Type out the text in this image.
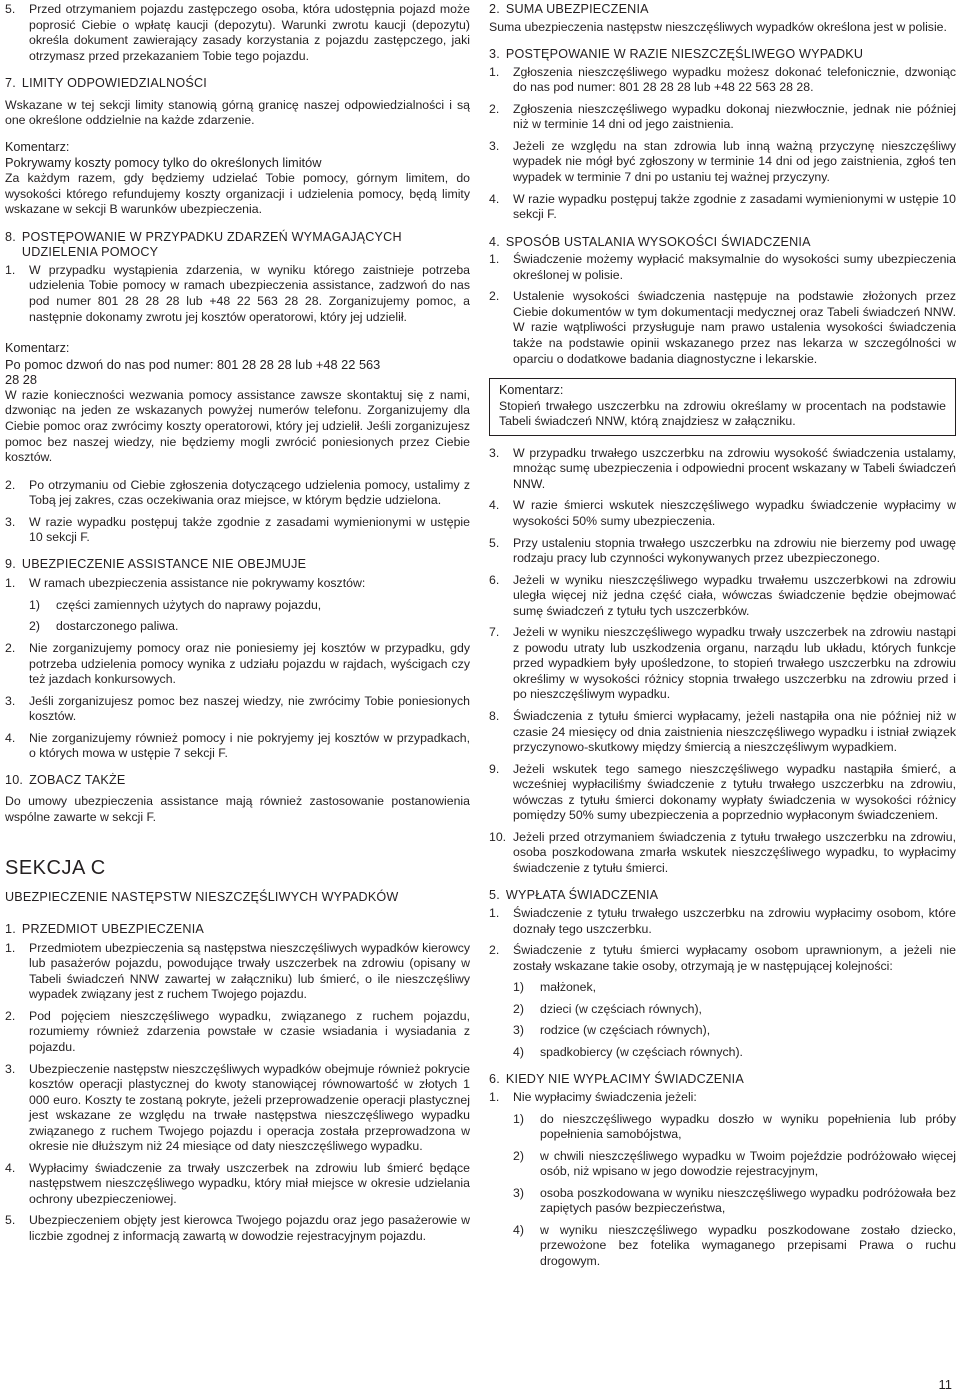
5.	Przed otrzymaniem pojazdu zastępczego osoba, która udostępnia pojazd może poprosić Ciebie o wpłatę kaucji (depozytu). Warunki zwrotu kaucji (depozytu) określa dokument zawierający zasady korzystania z pojazdu zastępczego, jaki otrzymasz przed przekazaniem Tobie tego pojazdu.

7. LIMITY ODPOWIEDZIALNOŚCI

Wskazane w tej sekcji limity stanowią górną granicę naszej odpowiedzialności i są one określone oddzielnie na każde zdarzenie.

Komentarz:

Pokrywamy koszty pomocy tylko do określonych limitów

Za każdym razem, gdy będziemy udzielać Tobie pomocy, górnym limitem, do wysokości którego refundujemy koszty organizacji i udzielenia pomocy, będą limity wskazane w sekcji B warunków ubezpieczenia.

8. POSTĘPOWANIE W PRZYPADKU ZDARZEŃ WYMAGAJĄCYCH UDZIELENIA POMOCY

1.	W przypadku wystąpienia zdarzenia, w wyniku którego zaistnieje potrzeba udzielenia Tobie pomocy w ramach ubezpieczenia assistance, zadzwoń do nas pod numer 801 28 28 28 lub +48 22 563 28 28. Zorganizujemy pomoc, a następnie dokonamy zwrotu jej kosztów operatorowi, który jej udzielił.

Komentarz:

Po pomoc dzwoń do nas pod numer: 801 28 28 28 lub +48 22 563 28 28

W razie konieczności wezwania pomocy assistance zawsze skontaktuj się z nami, dzwoniąc na jeden ze wskazanych powyżej numerów telefonu. Zorganizujemy dla Ciebie pomoc oraz zwrócimy koszty operatorowi, który jej udzielił. Jeśli zorganizujesz pomoc bez naszej wiedzy, nie będziemy mogli zwrócić poniesionych przez Ciebie kosztów.

2.	Po otrzymaniu od Ciebie zgłoszenia dotyczącego udzielenia pomocy, ustalimy z Tobą jej zakres, czas oczekiwania oraz miejsce, w którym będzie udzielona.
3.	W razie wypadku postępuj także zgodnie z zasadami wymienionymi w ustępie 10 sekcji F.

9. UBEZPIECZENIE ASSISTANCE NIE OBEJMUJE

1.	W ramach ubezpieczenia assistance nie pokrywamy kosztów:
1)	części zamiennych użytych do naprawy pojazdu,
2)	dostarczonego paliwa.
2.	Nie zorganizujemy pomocy oraz nie poniesiemy jej kosztów w przypadku, gdy potrzeba udzielenia pomocy wynika z udziału pojazdu w rajdach, wyścigach czy też jazdach konkursowych.
3.	Jeśli zorganizujesz pomoc bez naszej wiedzy, nie zwrócimy Tobie poniesionych kosztów.
4.	Nie zorganizujemy również pomocy i nie pokryjemy jej kosztów w przypadkach, o których mowa w ustępie 7 sekcji F.

10. ZOBACZ TAKŻE

Do umowy ubezpieczenia assistance mają również zastosowanie postanowienia wspólne zawarte w sekcji F.

SEKCJA C

UBEZPIECZENIE NASTĘPSTW NIESZCZĘŚLIWYCH WYPADKÓW

1. PRZEDMIOT UBEZPIECZENIA

1.	Przedmiotem ubezpieczenia są następstwa nieszczęśliwych wypadków kierowcy lub pasażerów pojazdu, powodujące trwały uszczerbek na zdrowiu (opisany w Tabeli świadczeń NNW zawartej w załączniku) lub śmierć, o ile nieszczęśliwy wypadek związany jest z ruchem Twojego pojazdu.
2.	Pod pojęciem nieszczęśliwego wypadku, związanego z ruchem pojazdu, rozumiemy również zdarzenia powstałe w czasie wsiadania i wysiadania z pojazdu.
3.	Ubezpieczenie następstw nieszczęśliwych wypadków obejmuje również pokrycie kosztów operacji plastycznej do kwoty stanowiącej równowartość w złotych 1 000 euro. Koszty te zostaną pokryte, jeżeli przeprowadzenie operacji plastycznej jest wskazane ze względu na trwałe następstwa nieszczęśliwego wypadku związanego z ruchem Twojego pojazdu i operacja została przeprowadzona w okresie nie dłuższym niż 24 miesiące od daty nieszczęśliwego wypadku.
4.	Wypłacimy świadczenie za trwały uszczerbek na zdrowiu lub śmierć będące następstwem nieszczęśliwego wypadku, który miał miejsce w okresie udzielania ochrony ubezpieczeniowej.
5.	Ubezpieczeniem objęty jest kierowca Twojego pojazdu oraz jego pasażerowie w liczbie zgodnej z informacją zawartą w dowodzie rejestracyjnym pojazdu.

2. SUMA UBEZPIECZENIA

Suma ubezpieczenia następstw nieszczęśliwych wypadków określona jest w polisie.

3. POSTĘPOWANIE W RAZIE NIESZCZĘŚLIWEGO WYPADKU

1.	Zgłoszenia nieszczęśliwego wypadku możesz dokonać telefonicznie, dzwoniąc do nas pod numer: 801 28 28 28 lub +48 22 563 28 28.
2.	Zgłoszenia nieszczęśliwego wypadku dokonaj niezwłocznie, jednak nie później niż w terminie 14 dni od jego zaistnienia.
3.	Jeżeli ze względu na stan zdrowia lub inną ważną przyczynę nieszczęśliwy wypadek nie mógł być zgłoszony w terminie 14 dni od jego zaistnienia, zgłoś ten wypadek w terminie 7 dni po ustaniu tej ważnej przyczyny.
4.	W razie wypadku postępuj także zgodnie z zasadami wymienionymi w ustępie 10 sekcji F.

4. SPOSÓB USTALANIA WYSOKOŚCI ŚWIADCZENIA

1.	Świadczenie możemy wypłacić maksymalnie do wysokości sumy ubezpieczenia określonej w polisie.
2.	Ustalenie wysokości świadczenia następuje na podstawie złożonych przez Ciebie dokumentów w tym dokumentacji medycznej oraz Tabeli świadczeń NNW. W razie wątpliwości przysługuje nam prawo ustalenia wysokości świadczenia także na podstawie opinii wskazanego przez nas lekarza w szczególności w oparciu o dodatkowe badania diagnostyczne i lekarskie.

Komentarz:

Stopień trwałego uszczerbku na zdrowiu określamy w procentach na podstawie Tabeli świadczeń NNW, którą znajdziesz w załączniku.

3.	W przypadku trwałego uszczerbku na zdrowiu wysokość świadczenia ustalamy, mnożąc sumę ubezpieczenia i odpowiedni procent wskazany w Tabeli świadczeń NNW.
4.	W razie śmierci wskutek nieszczęśliwego wypadku świadczenie wypłacimy w wysokości 50% sumy ubezpieczenia.
5.	Przy ustaleniu stopnia trwałego uszczerbku na zdrowiu nie bierzemy pod uwagę rodzaju pracy lub czynności wykonywanych przez ubezpieczonego.
6.	Jeżeli w wyniku nieszczęśliwego wypadku trwałemu uszczerbkowi na zdrowiu uległa więcej niż jedna część ciała, wówczas świadczenie będzie obejmować sumę świadczeń z tytułu tych uszczerbków.
7.	Jeżeli w wyniku nieszczęśliwego wypadku trwały uszczerbek na zdrowiu nastąpi z powodu utraty lub uszkodzenia organu, narządu lub układu, których funkcje przed wypadkiem były upośledzone, to stopień trwałego uszczerbku na zdrowiu określimy w wysokości różnicy stopnia trwałego uszczerbku na zdrowiu przed i po nieszczęśliwym wypadku.
8.	Świadczenia z tytułu śmierci wypłacamy, jeżeli nastąpiła ona nie później niż w czasie 24 miesięcy od dnia zaistnienia nieszczęśliwego wypadku i istniał związek przyczynowo-skutkowy między śmiercią a nieszczęśliwym wypadkiem.
9.	Jeżeli wskutek tego samego nieszczęśliwego wypadku nastąpiła śmierć, a wcześniej wypłaciliśmy świadczenie z tytułu trwałego uszczerbku na zdrowiu, wówczas z tytułu śmierci dokonamy wypłaty świadczenia w wysokości różnicy pomiędzy 50% sumy ubezpieczenia a poprzednio wypłaconym świadczeniem.
10. Jeżeli przed otrzymaniem świadczenia z tytułu trwałego uszczerbku na zdrowiu, osoba poszkodowana zmarła wskutek nieszczęśliwego wypadku, to wypłacimy świadczenie z tytułu śmierci.

5. WYPŁATA ŚWIADCZENIA

1.	Świadczenie z tytułu trwałego uszczerbku na zdrowiu wypłacimy osobom, które doznały tego uszczerbku.
2.	Świadczenie z tytułu śmierci wypłacamy osobom uprawnionym, a jeżeli nie zostały wskazane takie osoby, otrzymają je w następującej kolejności:
1)	małżonek,
2)	dzieci (w częściach równych),
3)	rodzice (w częściach równych),
4)	spadkobiercy (w częściach równych).

6. KIEDY NIE WYPŁACIMY ŚWIADCZENIA

1.	Nie wypłacimy świadczenia jeżeli:
1)	do nieszczęśliwego wypadku doszło w wyniku popełnienia lub próby popełnienia samobójstwa,
2)	w chwili nieszczęśliwego wypadku w Twoim pojeździe podróżowało więcej osób, niż wpisano w jego dowodzie rejestracyjnym,
3)	osoba poszkodowana w wyniku nieszczęśliwego wypadku podróżowała bez zapiętych pasów bezpieczeństwa,
4)	w wyniku nieszczęśliwego wypadku poszkodowane zostało dziecko, przewożone bez fotelika wymaganego przepisami Prawa o ruchu drogowym.
11
